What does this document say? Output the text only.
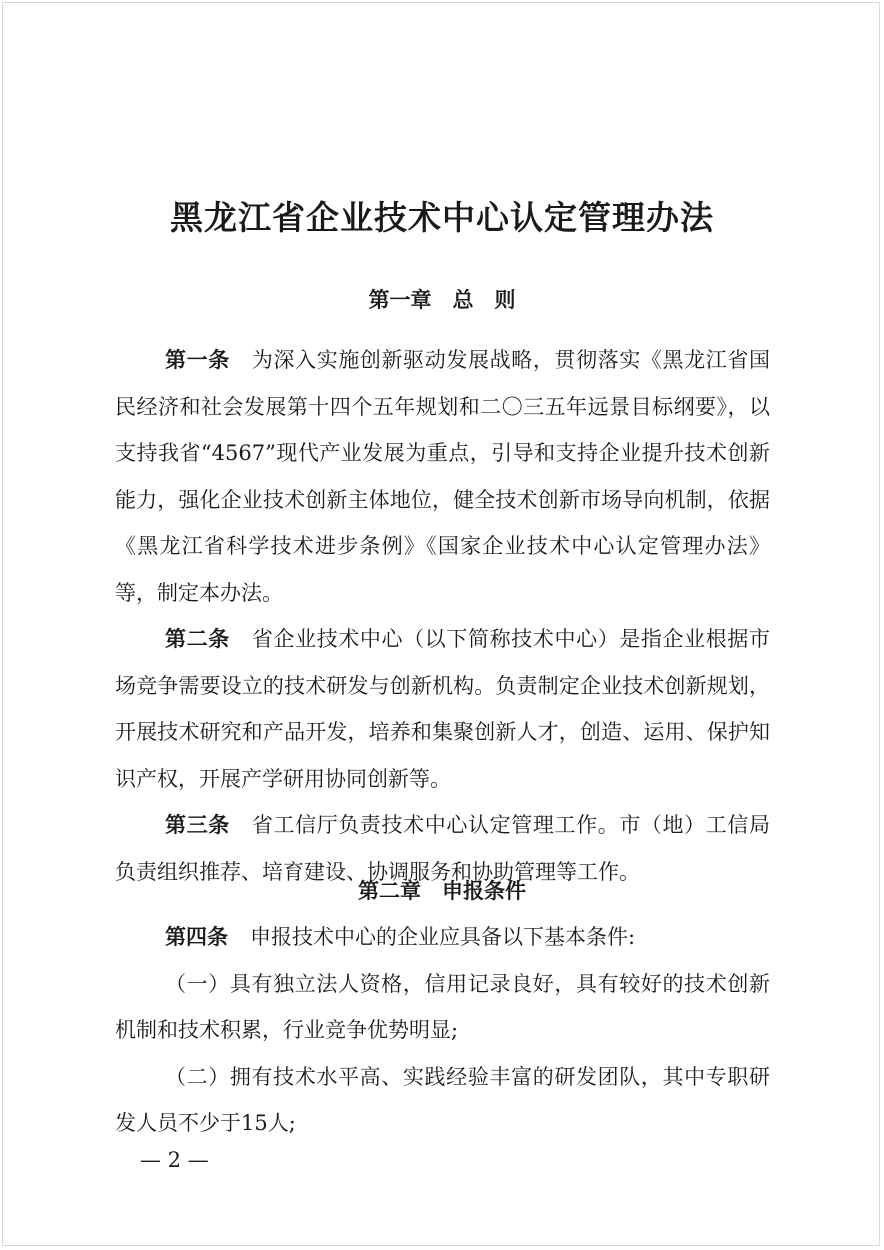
黑龙江省企业技术中心认定管理办法
第一章　总　则

第一条 为深入实施创新驱动发展战略，贯彻落实《黑龙江省国民经济和社会发展第十四个五年规划和二〇三五年远景目标纲要》，以支持我省“4567”现代产业发展为重点，引导和支持企业提升技术创新能力，强化企业技术创新主体地位，健全技术创新市场导向机制，依据《黑龙江省科学技术进步条例》《国家企业技术中心认定管理办法》等，制定本办法。

第二条 省企业技术中心（以下简称技术中心）是指企业根据市场竞争需要设立的技术研发与创新机构。负责制定企业技术创新规划，开展技术研究和产品开发，培养和集聚创新人才，创造、运用、保护知识产权，开展产学研用协同创新等。

第三条 省工信厅负责技术中心认定管理工作。市（地）工信局负责组织推荐、培育建设、协调服务和协助管理等工作。

第二章　申报条件

第四条 申报技术中心的企业应具备以下基本条件:

（一）具有独立法人资格，信用记录良好，具有较好的技术创新机制和技术积累，行业竞争优势明显;

（二）拥有技术水平高、实践经验丰富的研发团队，其中专职研发人员不少于15人;

— 2 —
